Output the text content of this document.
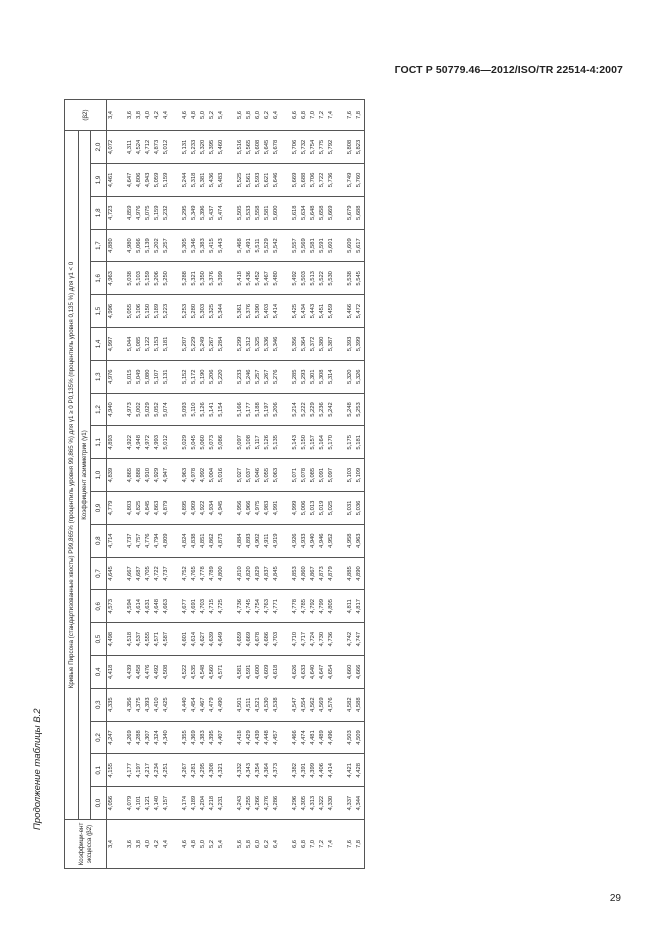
ГОСТ Р 50779.46—2012/ISO/TR 22514-4:2007
Продолжение таблицы В.2
Коэффици-ент эксцесса (β2)	Кривые Пирсона (стандартизованные хвосты) P99,865% (процентиль уровня 99,865 %) для γ1 ≥ 0 P0,135% (процентиль уровня 0,135 %) для γ1 < 0																					(β2)
	Коэффициент асимметрии (γ1)																					
	0,0	0,1	0,2	0,3	0,4	0,5	0,6	0,7	0,8	0,9	1,0	1,1	1,2	1,3	1,4	1,5	1,6	1,7	1,8	1,9	2,0	
3,4	4,056	4,155	4,247	4,335	4,418	4,498	4,573	4,645	4,714	4,779	4,839	4,893	4,940	4,976	4,997	4,996	4,963	4,880	4,723	4,461	4,072	3,4

3,6	4,079	4,177	4,269	4,356	4,439	4,518	4,594	4,667	4,737	4,803	4,865	4,922	4,973	5,015	5,044	5,055	5,038	4,980	4,859	4,647	4,311	3,6
3,8	4,101	4,197	4,288	4,375	4,458	4,537	4,614	4,687	4,757	4,825	4,888	4,948	5,002	5,049	5,085	5,106	5,103	5,066	4,976	4,806	4,524	3,8
4,0	4,121	4,217	4,307	4,393	4,476	4,555	4,631	4,705	4,776	4,845	4,910	4,972	5,029	5,080	5,122	5,150	5,159	5,139	5,075	4,943	4,712	4,0
4,2	4,140	4,234	4,324	4,410	4,492	4,571	4,648	4,722	4,794	4,863	4,929	4,993	5,052	5,107	5,153	5,189	5,206	5,202	5,159	5,059	4,873	4,2
4,4	4,157	4,251	4,340	4,425	4,508	4,587	4,663	4,737	4,809	4,879	4,947	5,012	5,074	5,131	5,181	5,223	5,250	5,257	5,232	5,159	5,012	4,4

4,6	4,174	4,267	4,355	4,440	4,522	4,601	4,677	4,752	4,824	4,895	4,963	5,029	5,093	5,152	5,207	5,253	5,288	5,305	5,295	5,244	5,131	4,6
4,8	4,189	4,281	4,369	4,454	4,535	4,614	4,691	4,765	4,838	4,909	4,978	5,045	5,110	5,172	5,229	5,280	5,321	5,346	5,349	5,318	5,233	4,8
5,0	4,204	4,295	4,383	4,467	4,548	4,627	4,703	4,778	4,851	4,922	4,992	5,060	5,126	5,190	5,249	5,303	5,350	5,383	5,396	5,381	5,320	5,0
5,2	4,218	4,308	4,395	4,479	4,560	4,639	4,715	4,789	4,862	4,934	5,004	5,073	5,141	5,206	5,267	5,325	5,376	5,415	5,437	5,436	5,395	5,2
5,4	4,231	4,321	4,407	4,490	4,571	4,649	4,725	4,800	4,873	4,945	5,016	5,086	5,154	5,220	5,284	5,344	5,399	5,443	5,474	5,483	5,460	5,4

5,6	4,243	4,332	4,418	4,501	4,581	4,659	4,736	4,810	4,884	4,956	5,027	5,097	5,166	5,233	5,299	5,361	5,418	5,468	5,505	5,525	5,516	5,6
5,8	4,255	4,343	4,429	4,511	4,591	4,669	4,745	4,820	4,893	4,966	5,037	5,108	5,177	5,246	5,312	5,376	5,436	5,491	5,533	5,561	5,565	5,8
6,0	4,266	4,354	4,439	4,521	4,600	4,678	4,754	4,829	4,902	4,975	5,046	5,117	5,188	5,257	5,325	5,390	5,452	5,511	5,558	5,593	5,608	6,0
6,2	4,276	4,364	4,448	4,530	4,609	4,686	4,763	4,837	4,911	4,983	5,055	5,126	5,197	5,267	5,336	5,403	5,467	5,529	5,581	5,621	5,645	6,2
6,4	4,286	4,373	4,457	4,538	4,618	4,703	4,771	4,845	4,919	4,991	5,063	5,135	5,206	5,276	5,346	5,414	5,480	5,542	5,600	5,646	5,678	6,4

6,6	4,296	4,382	4,466	4,547	4,626	4,710	4,778	4,853	4,926	4,999	5,071	5,143	5,214	5,285	5,356	5,425	5,492	5,557	5,618	5,669	5,706	6,6
6,8	4,305	4,391	4,474	4,554	4,633	4,717	4,785	4,860	4,933	5,006	5,078	5,150	5,222	5,293	5,364	5,434	5,503	5,569	5,634	5,688	5,732	6,8
7,0	4,313	4,399	4,481	4,562	4,640	4,724	4,792	4,867	4,940	5,013	5,085	5,157	5,229	5,301	5,372	5,443	5,513	5,581	5,648	5,706	5,754	7,0
7,2	4,322	4,406	4,489	4,569	4,647	4,730	4,799	4,873	4,946	5,019	5,091	5,164	5,236	5,308	5,380	5,451	5,522	5,591	5,658	5,722	5,775	7,2
7,4	4,330	4,414	4,496	4,576	4,654	4,736	4,805	4,879	4,952	5,025	5,097	5,170	5,242	5,314	5,387	5,459	5,530	5,601	5,669	5,736	5,792	7,4

7,6	4,337	4,421	4,503	4,582	4,660	4,742	4,811	4,885	4,958	5,031	5,103	5,175	5,248	5,320	5,393	5,466	5,538	5,609	5,679	5,749	5,808	7,6
7,8	4,344	4,428	4,509	4,588	4,666	4,747	4,817	4,890	4,963	5,036	5,109	5,181	5,253	5,326	5,399	5,472	5,545	5,617	5,688	5,760	5,823	7,8
29
